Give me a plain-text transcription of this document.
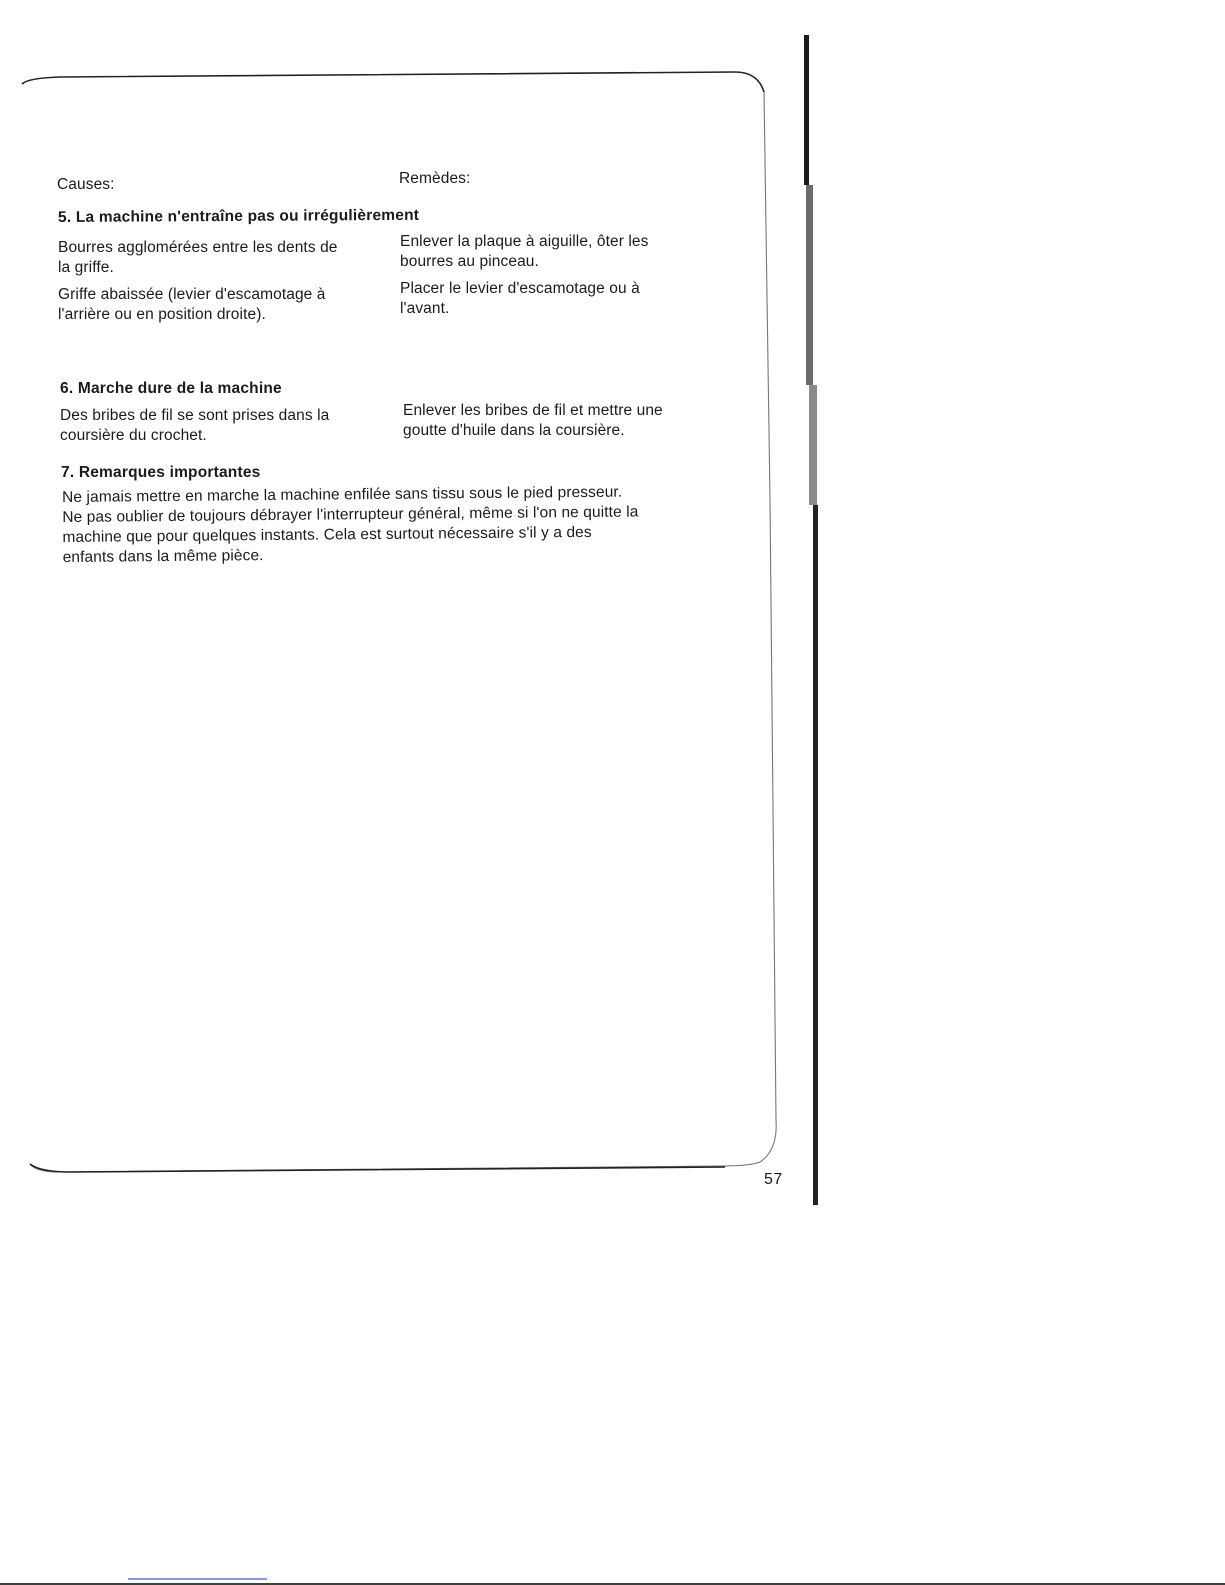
Causes:	Remèdes:
5. La machine n'entraîne pas ou irrégulièrement
Bourres agglomérées entre les dents de
la griffe.
Enlever la plaque à aiguille, ôter les
bourres au pinceau.
Griffe abaissée (levier d'escamotage à
l'arrière ou en position droite).
Placer le levier d'escamotage ou à
l'avant.
6. Marche dure de la machine
Des bribes de fil se sont prises dans la
coursière du crochet.
Enlever les bribes de fil et mettre une
goutte d'huile dans la coursière.
7. Remarques importantes
Ne jamais mettre en marche la machine enfilée sans tissu sous le pied presseur.
Ne pas oublier de toujours débrayer l'interrupteur général, même si l'on ne quitte la
machine que pour quelques instants. Cela est surtout nécessaire s'il y a des
enfants dans la même pièce.
57
